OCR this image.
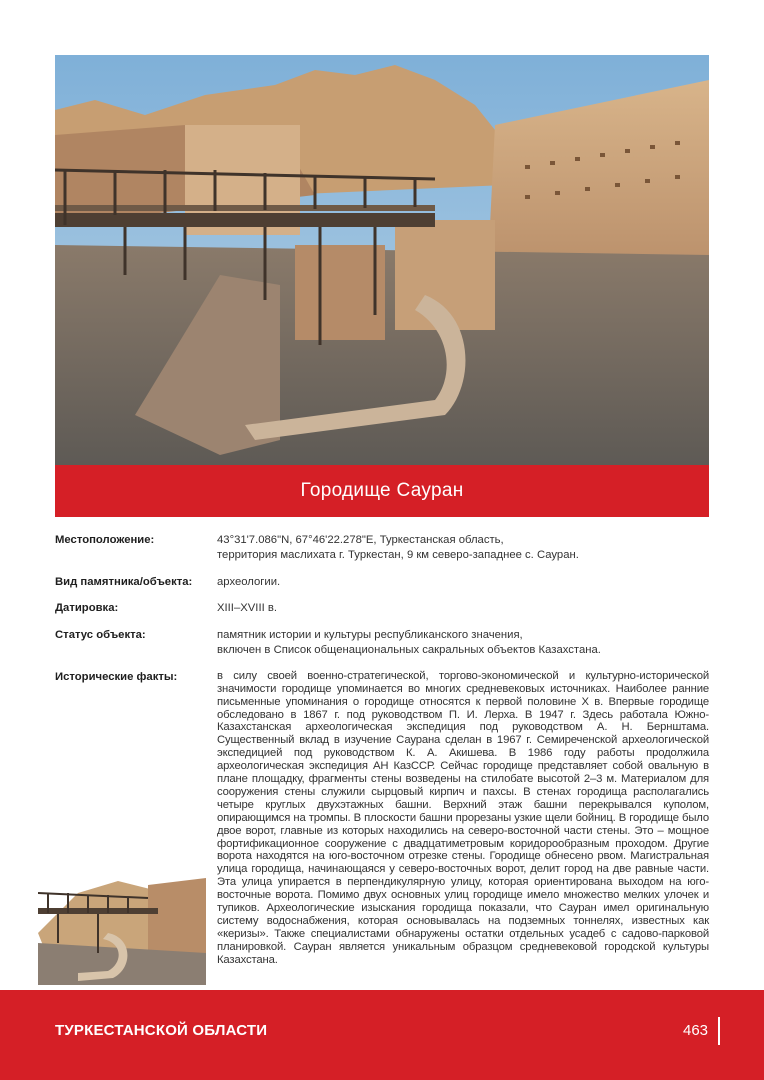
Городище Сауран
Местоположение:	43°31'7.086"N, 67°46'22.278"E, Туркестанская область,

территория маслихата г. Туркестан, 9 км северо-западнее с. Сауран.

Вид памятника/объекта:	археологии.

Датировка:	XIII–XVIII в.

Статус объекта:	памятник истории и культуры республиканского значения,

включен в Список общенациональных сакральных объектов Казахстана.

Исторические факты:	в силу своей военно-стратегической, торгово-экономической и культурно-исторической значимости городище упоминается во многих средневековых источниках. Наиболее ранние письменные упоминания о городище относятся к первой половине X в. Впервые городище обследовано в 1867 г. под руководством П. И. Лерха. В 1947 г. Здесь работала Южно-Казахстанская археологическая экспедиция под руководством А. Н. Бернштама. Существенный вклад в изучение Саурана сделан в 1967 г. Семиреченской археологической экспедицией под руководством К. А. Акишева. В 1986 году работы продолжила археологическая экспедиция АН КазССР. Сейчас городище представляет собой овальную в плане площадку, фрагменты стены возведены на стилобате высотой 2–3 м. Материалом для сооружения стены служили сырцовый кирпич и пахсы. В стенах городища располагались четыре круглых двухэтажных башни. Верхний этаж башни перекрывался куполом, опирающимся на тромпы. В плоскости башни прорезаны узкие щели бойниц. В городище было двое ворот, главные из которых находились на северо-восточной части стены. Это – мощное фортификационное сооружение с двадцатиметровым коридорообразным проходом. Другие ворота находятся на юго-восточном отрезке стены. Городище обнесено рвом. Магистральная улица городища, начинающаяся у северо-восточных ворот, делит город на две равные части. Эта улица упирается в перпендикулярную улицу, которая ориентирована выходом на юго-восточные ворота. Помимо двух основных улиц городище имело множество мелких улочек и тупиков. Археологические изыскания городища показали, что Сауран имел оригинальную систему водоснабжения, которая основывалась на подземных тоннелях, известных как «керизы». Также специалистами обнаружены остатки отдельных усадеб с садово-парковой планировкой. Сауран является уникальным образцом средневековой городской культуры Казахстана.

ТУРКЕСТАНСКОЙ ОБЛАСТИ	463
